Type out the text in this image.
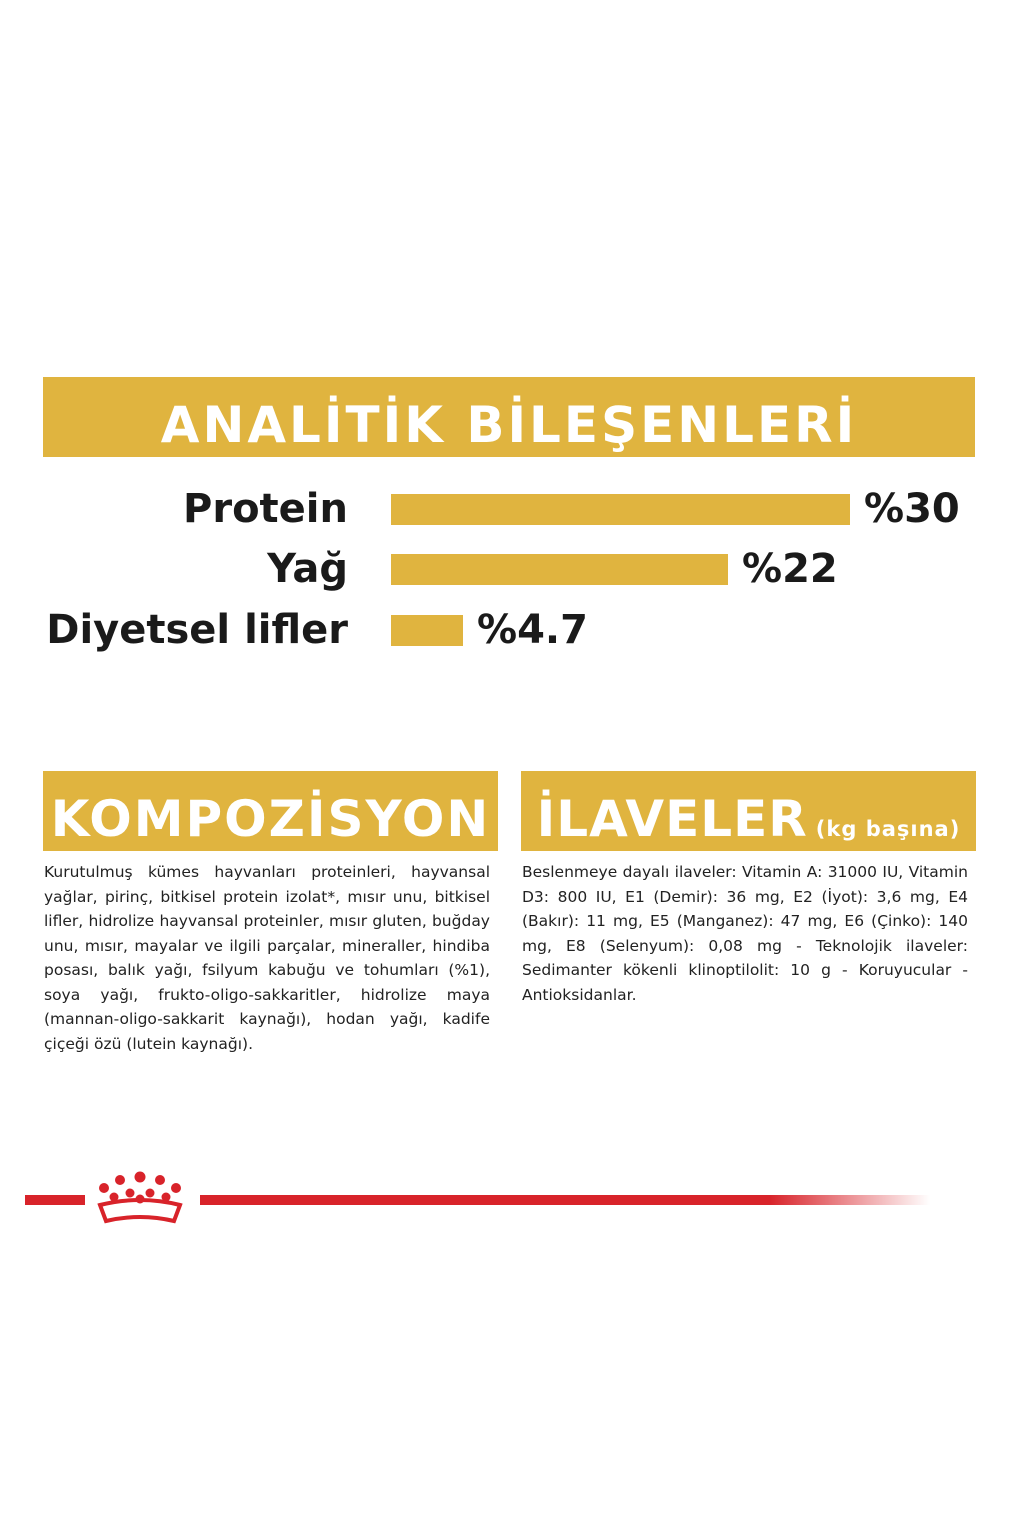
ANALİTİK BİLEŞENLERİ
Protein	%30
Yağ	%22
Diyetsel lifler	%4.7
KOMPOZİSYON İLAVELER (kg başına)

Kurutulmuş kümes hayvanları proteinleri, hayvansal yağlar, pirinç, bitkisel protein izolat*, mısır unu, bitkisel lifler, hidrolize hayvansal proteinler, mısır gluten, buğday unu, mısır, mayalar ve ilgili parçalar, mineraller, hindiba posası, balık yağı, fsilyum kabuğu ve tohumları (%1), soya yağı, frukto-oligo-sakkaritler, hidrolize maya (mannan-oligo-sakkarit kaynağı), hodan yağı, kadife çiçeği özü (lutein kaynağı).

Beslenmeye dayalı ilaveler: Vitamin A: 31000 IU, Vitamin D3: 800 IU, E1 (Demir): 36 mg, E2 (İyot): 3,6 mg, E4 (Bakır): 11 mg, E5 (Manganez): 47 mg, E6 (Çinko): 140 mg, E8 (Selenyum): 0,08 mg - Teknolojik ilaveler: Sedimanter kökenli klinoptilolit: 10 g - Koruyucular - Antioksidanlar.
